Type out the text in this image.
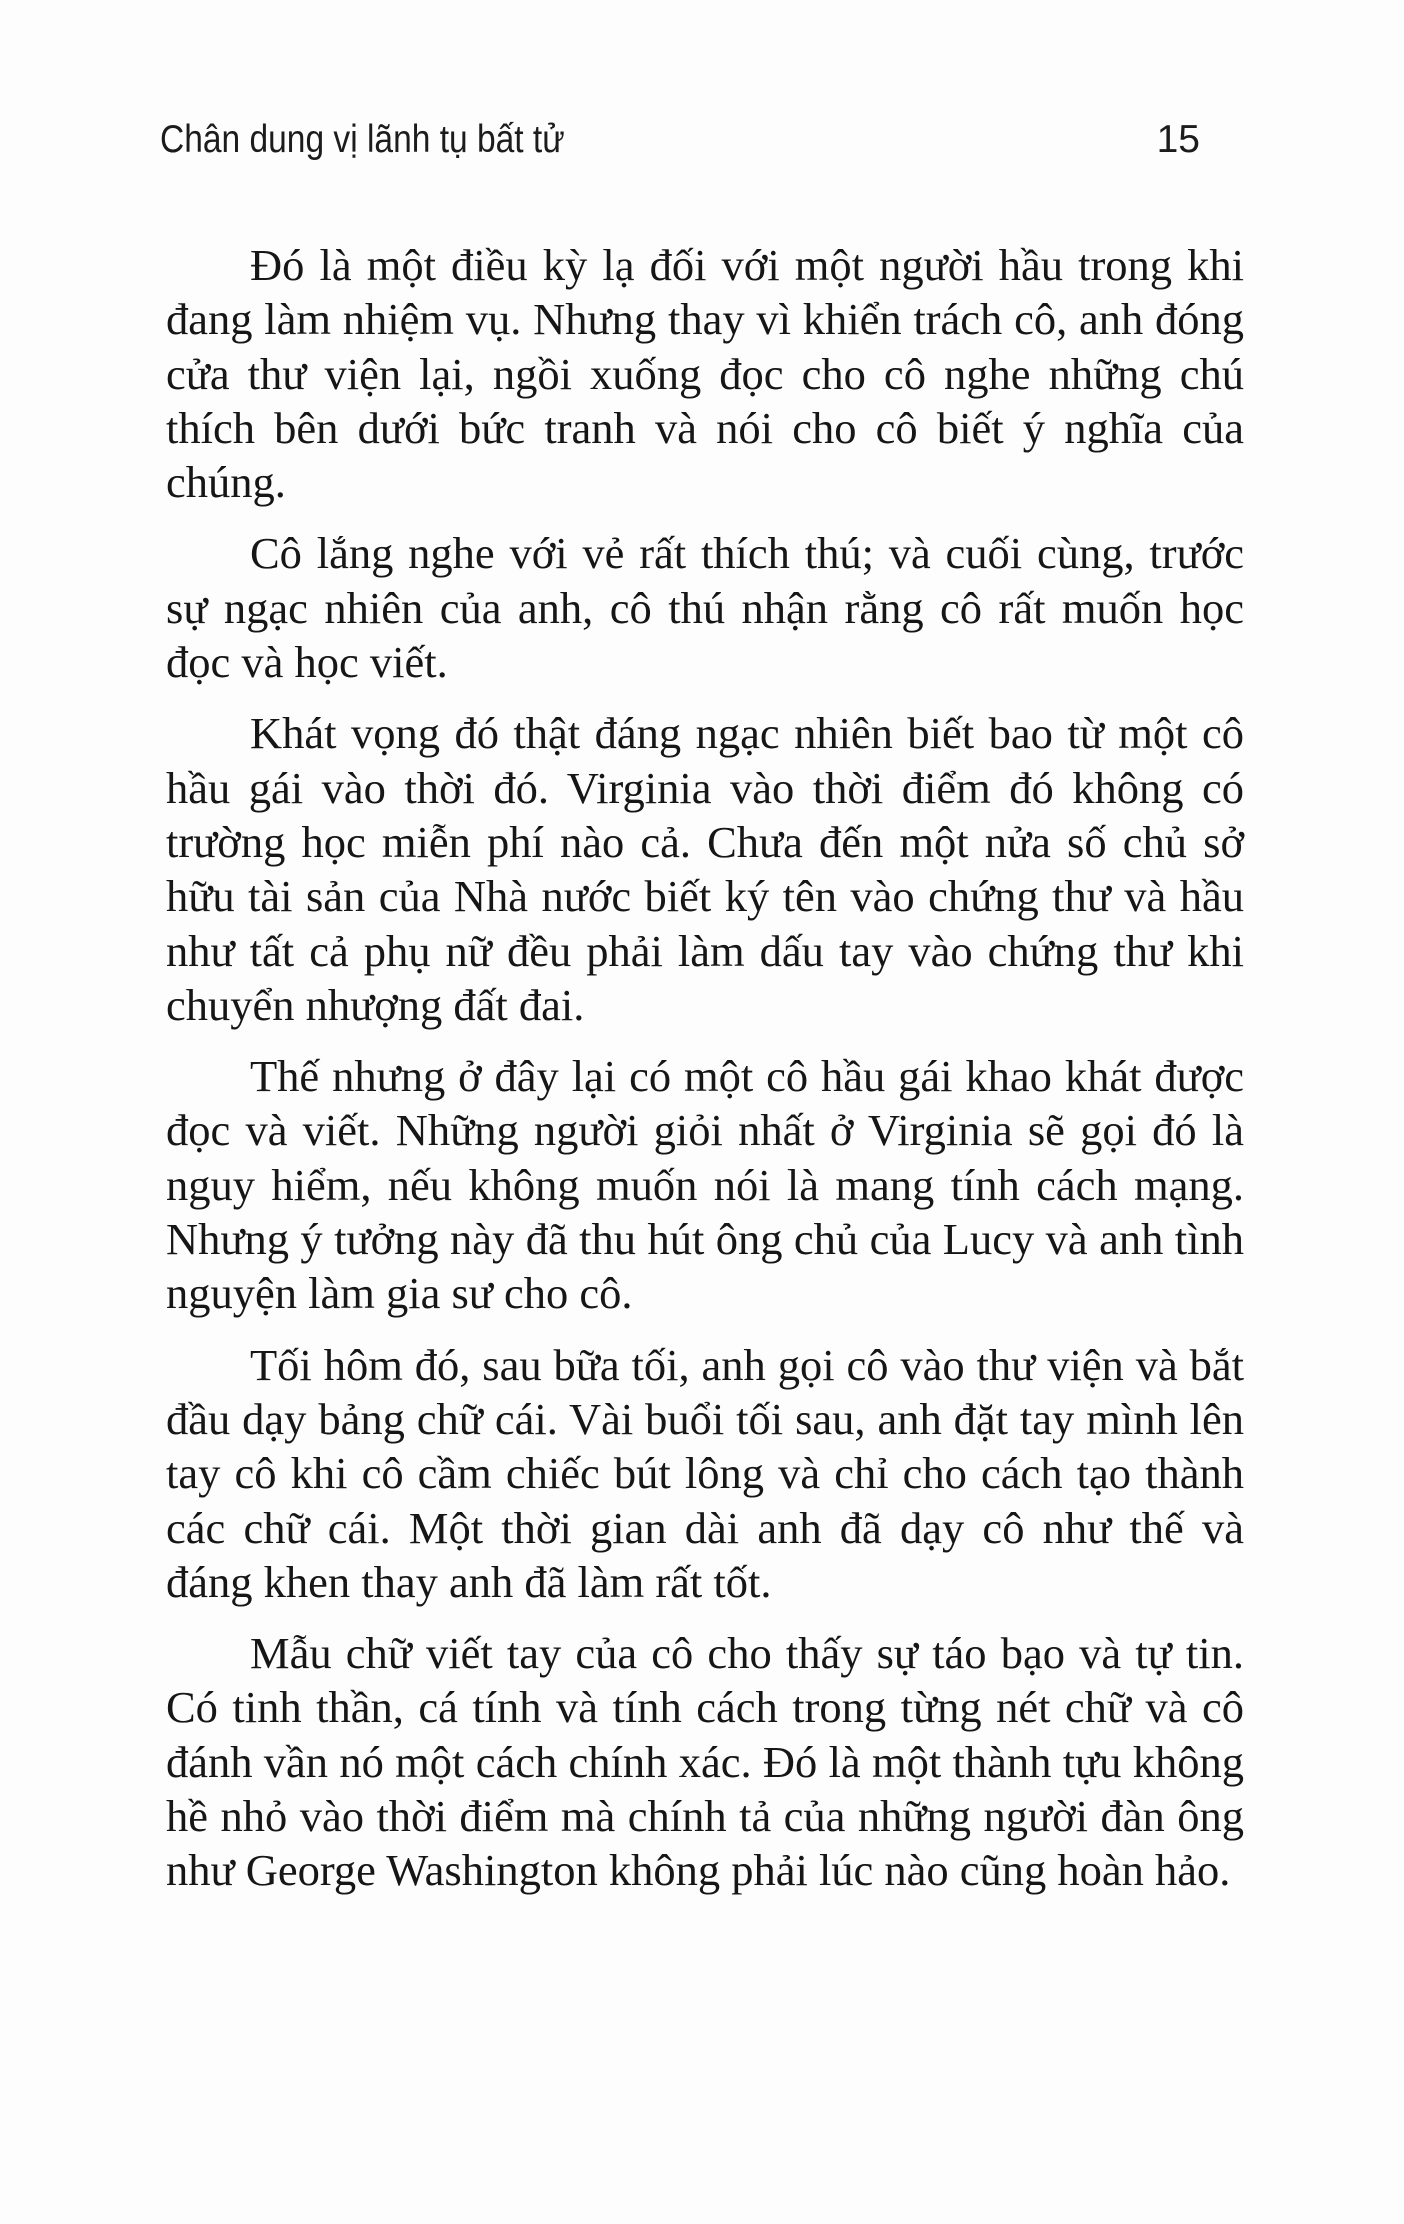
Chân dung vị lãnh tụ bất tử	15

Đó là một điều kỳ lạ đối với một người hầu trong khi đang làm nhiệm vụ. Nhưng thay vì khiển trách cô, anh đóng cửa thư viện lại, ngồi xuống đọc cho cô nghe những chú thích bên dưới bức tranh và nói cho cô biết ý nghĩa của chúng.

Cô lắng nghe với vẻ rất thích thú; và cuối cùng, trước sự ngạc nhiên của anh, cô thú nhận rằng cô rất muốn học đọc và học viết.

Khát vọng đó thật đáng ngạc nhiên biết bao từ một cô hầu gái vào thời đó. Virginia vào thời điểm đó không có trường học miễn phí nào cả. Chưa đến một nửa số chủ sở hữu tài sản của Nhà nước biết ký tên vào chứng thư và hầu như tất cả phụ nữ đều phải làm dấu tay vào chứng thư khi chuyển nhượng đất đai.

Thế nhưng ở đây lại có một cô hầu gái khao khát được đọc và viết. Những người giỏi nhất ở Virginia sẽ gọi đó là nguy hiểm, nếu không muốn nói là mang tính cách mạng. Nhưng ý tưởng này đã thu hút ông chủ của Lucy và anh tình nguyện làm gia sư cho cô.

Tối hôm đó, sau bữa tối, anh gọi cô vào thư viện và bắt đầu dạy bảng chữ cái. Vài buổi tối sau, anh đặt tay mình lên tay cô khi cô cầm chiếc bút lông và chỉ cho cách tạo thành các chữ cái. Một thời gian dài anh đã dạy cô như thế và đáng khen thay anh đã làm rất tốt.

Mẫu chữ viết tay của cô cho thấy sự táo bạo và tự tin. Có tinh thần, cá tính và tính cách trong từng nét chữ và cô đánh vần nó một cách chính xác. Đó là một thành tựu không hề nhỏ vào thời điểm mà chính tả của những người đàn ông như George Washington không phải lúc nào cũng hoàn hảo.
